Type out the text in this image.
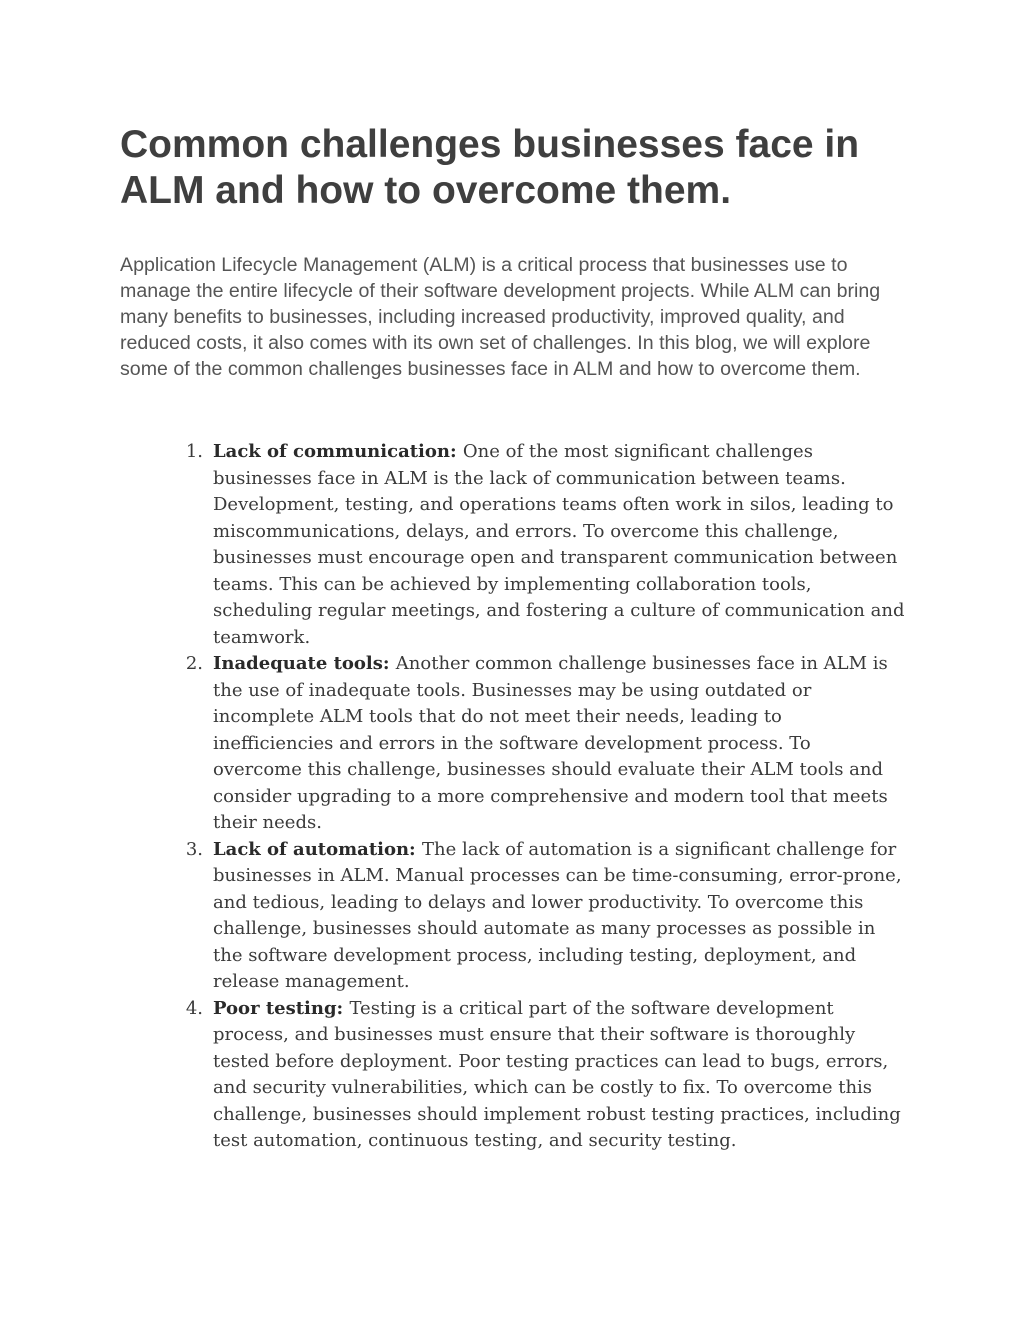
Common challenges businesses face in ALM and how to overcome them.

Application Lifecycle Management (ALM) is a critical process that businesses use to manage the entire lifecycle of their software development projects. While ALM can bring many benefits to businesses, including increased productivity, improved quality, and reduced costs, it also comes with its own set of challenges. In this blog, we will explore some of the common challenges businesses face in ALM and how to overcome them.

1. Lack of communication: One of the most significant challenges businesses face in ALM is the lack of communication between teams. Development, testing, and operations teams often work in silos, leading to miscommunications, delays, and errors. To overcome this challenge, businesses must encourage open and transparent communication between teams. This can be achieved by implementing collaboration tools, scheduling regular meetings, and fostering a culture of communication and teamwork.
2. Inadequate tools: Another common challenge businesses face in ALM is the use of inadequate tools. Businesses may be using outdated or incomplete ALM tools that do not meet their needs, leading to inefficiencies and errors in the software development process. To overcome this challenge, businesses should evaluate their ALM tools and consider upgrading to a more comprehensive and modern tool that meets their needs.
3. Lack of automation: The lack of automation is a significant challenge for businesses in ALM. Manual processes can be time-consuming, error-prone, and tedious, leading to delays and lower productivity. To overcome this challenge, businesses should automate as many processes as possible in the software development process, including testing, deployment, and release management.
4. Poor testing: Testing is a critical part of the software development process, and businesses must ensure that their software is thoroughly tested before deployment. Poor testing practices can lead to bugs, errors, and security vulnerabilities, which can be costly to fix. To overcome this challenge, businesses should implement robust testing practices, including test automation, continuous testing, and security testing.
